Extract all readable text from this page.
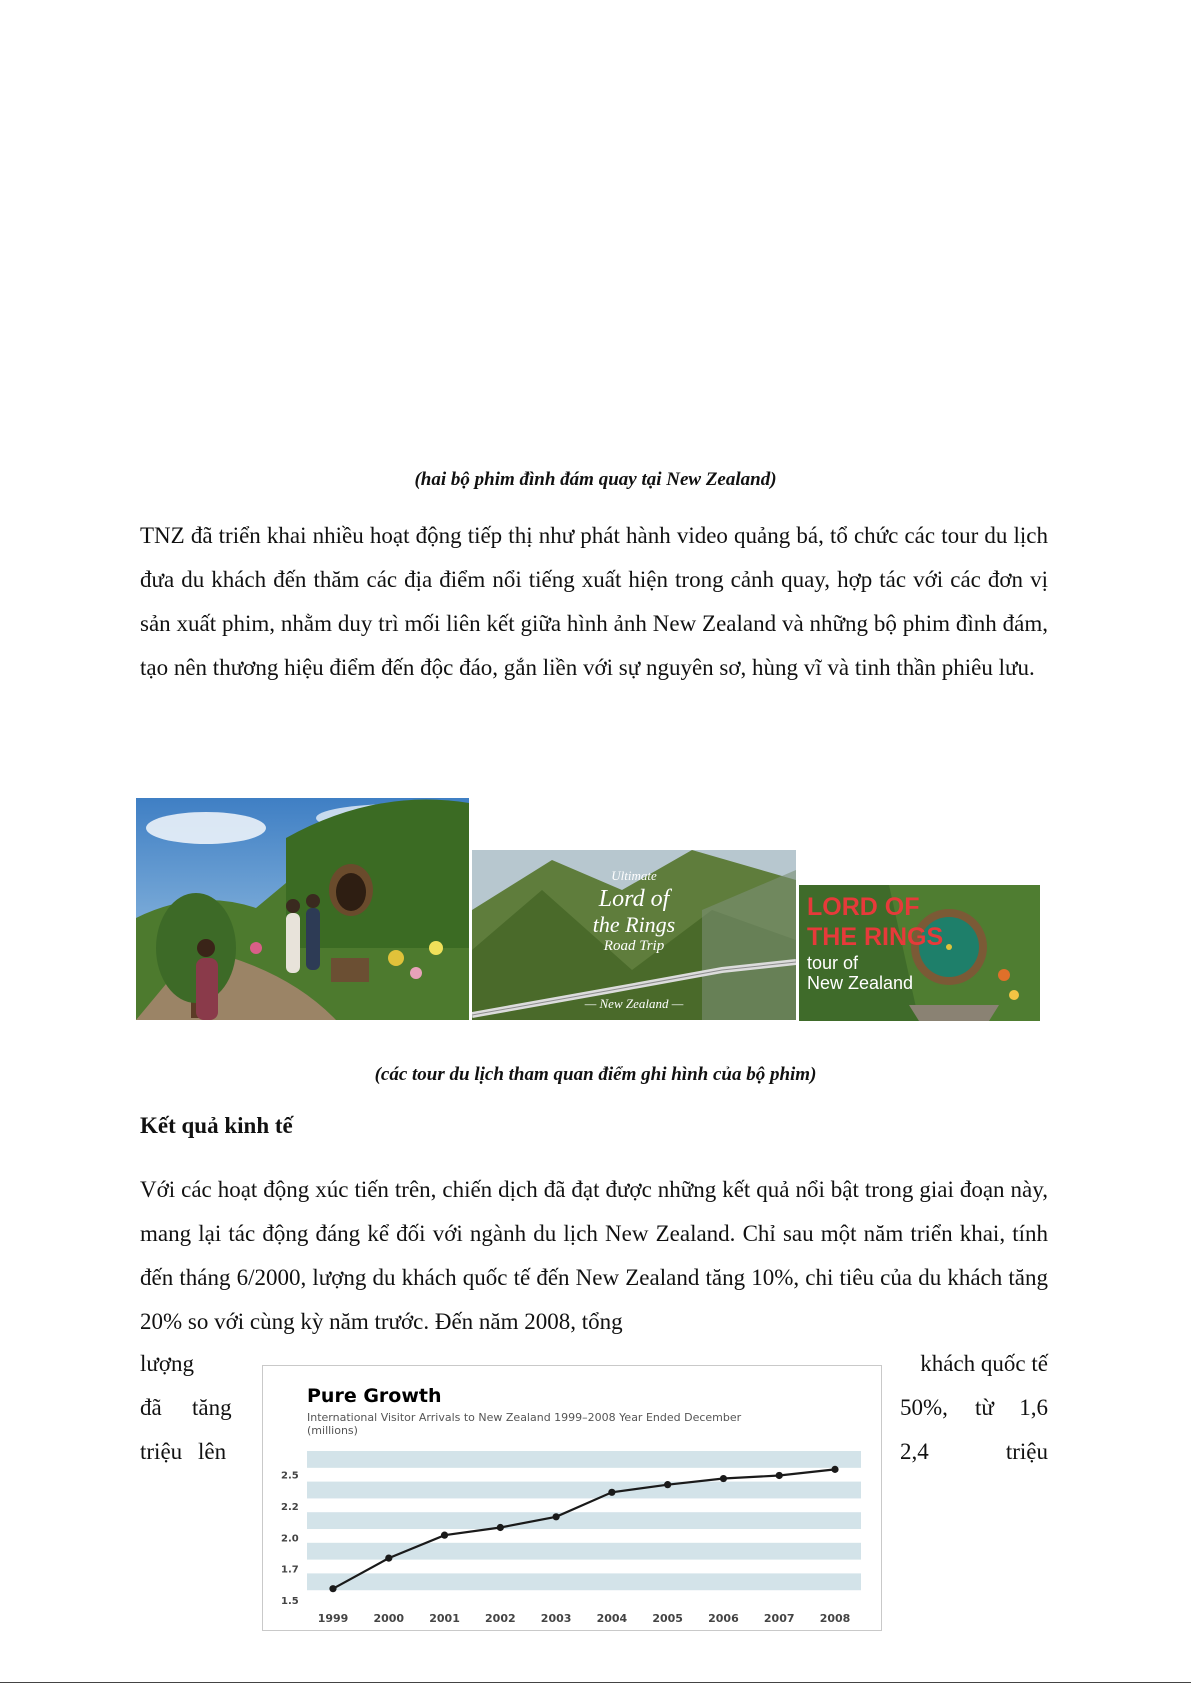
(hai bộ phim đình đám quay tại New Zealand)

TNZ đã triển khai nhiều hoạt động tiếp thị như phát hành video quảng bá, tổ chức các tour du lịch đưa du khách đến thăm các địa điểm nổi tiếng xuất hiện trong cảnh quay, hợp tác với các đơn vị sản xuất phim, nhằm duy trì mối liên kết giữa hình ảnh New Zealand và những bộ phim đình đám, tạo nên thương hiệu điểm đến độc đáo, gắn liền với sự nguyên sơ, hùng vĩ và tinh thần phiêu lưu.

Ultimate
Lord of
the Rings
Road Trip
— New Zealand —
LORD OF
THE RINGS
tour of
New Zealand
(các tour du lịch tham quan điểm ghi hình của bộ phim)
Kết quả kinh tế

Với các hoạt động xúc tiến trên, chiến dịch đã đạt được những kết quả nổi bật trong giai đoạn này, mang lại tác động đáng kể đối với ngành du lịch New Zealand. Chỉ sau một năm triển khai, tính đến tháng 6/2000, lượng du khách quốc tế đến New Zealand tăng 10%, chi tiêu của du khách tăng 20% so với cùng kỳ năm trước. Đến năm 2008, tổng

lượng	khách quốc tế
đã tăng	50%, từ 1,6
triệu lên	2,4	triệu
Pure Growth
International Visitor Arrivals to New Zealand 1999–2008 Year Ended December
(millions)
1.5
1.7
2.0
2.2
2.5
1999 2000 2001 2002 2003 2004 2005 2006 2007 2008
